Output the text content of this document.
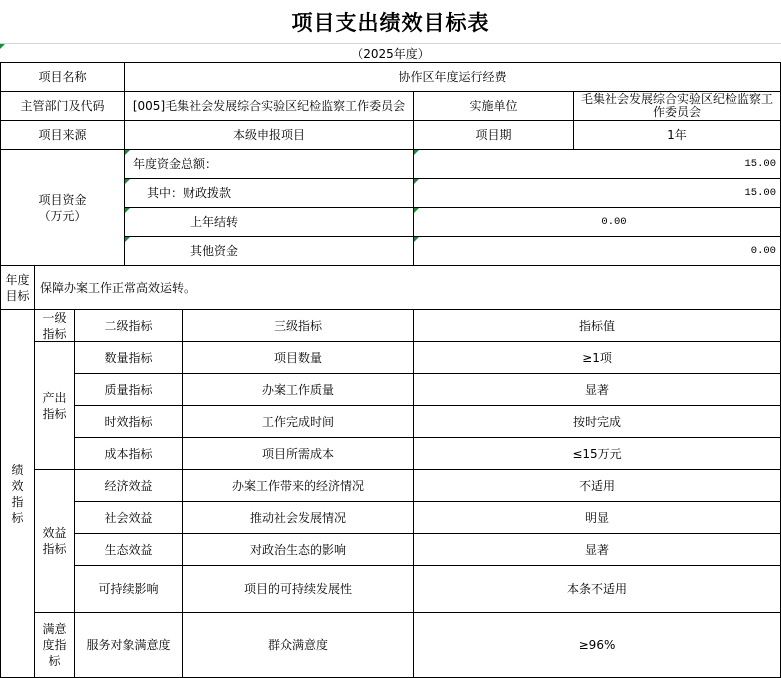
项目支出绩效目标表
（2025年度）
项目名称	协作区年度运行经费
主管部门及代码	[005]毛集社会发展综合实验区纪检监察工作委员会	实施单位	毛集社会发展综合实验区纪检监察工作委员会
项目来源	本级申报项目	项目期	1年
项目资金
（万元）
年度资金总额：	15.00
其中：财政拨款	15.00
上年结转	0.00
其他资金	0.00
年度目标
保障办案工作正常高效运转。
绩效指标
一级指标
二级指标	三级指标	指标值
产出指标
数量指标	项目数量	≥1项
质量指标	办案工作质量	显著
时效指标	工作完成时间	按时完成
成本指标	项目所需成本	≤15万元
效益指标
经济效益	办案工作带来的经济情况	不适用
社会效益	推动社会发展情况	明显
生态效益	对政治生态的影响	显著
可持续影响	项目的可持续发展性	本条不适用
满意度指标
服务对象满意度	群众满意度	≥96%
